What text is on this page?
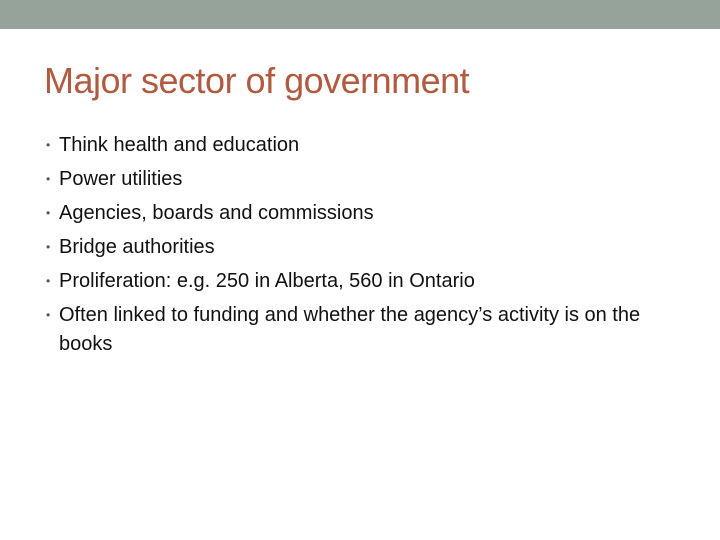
Major sector of government
• Think health and education
• Power utilities
• Agencies, boards and commissions
• Bridge authorities
• Proliferation: e.g. 250 in Alberta, 560 in Ontario
• Often linked to funding and whether the agency’s activity is on the books
